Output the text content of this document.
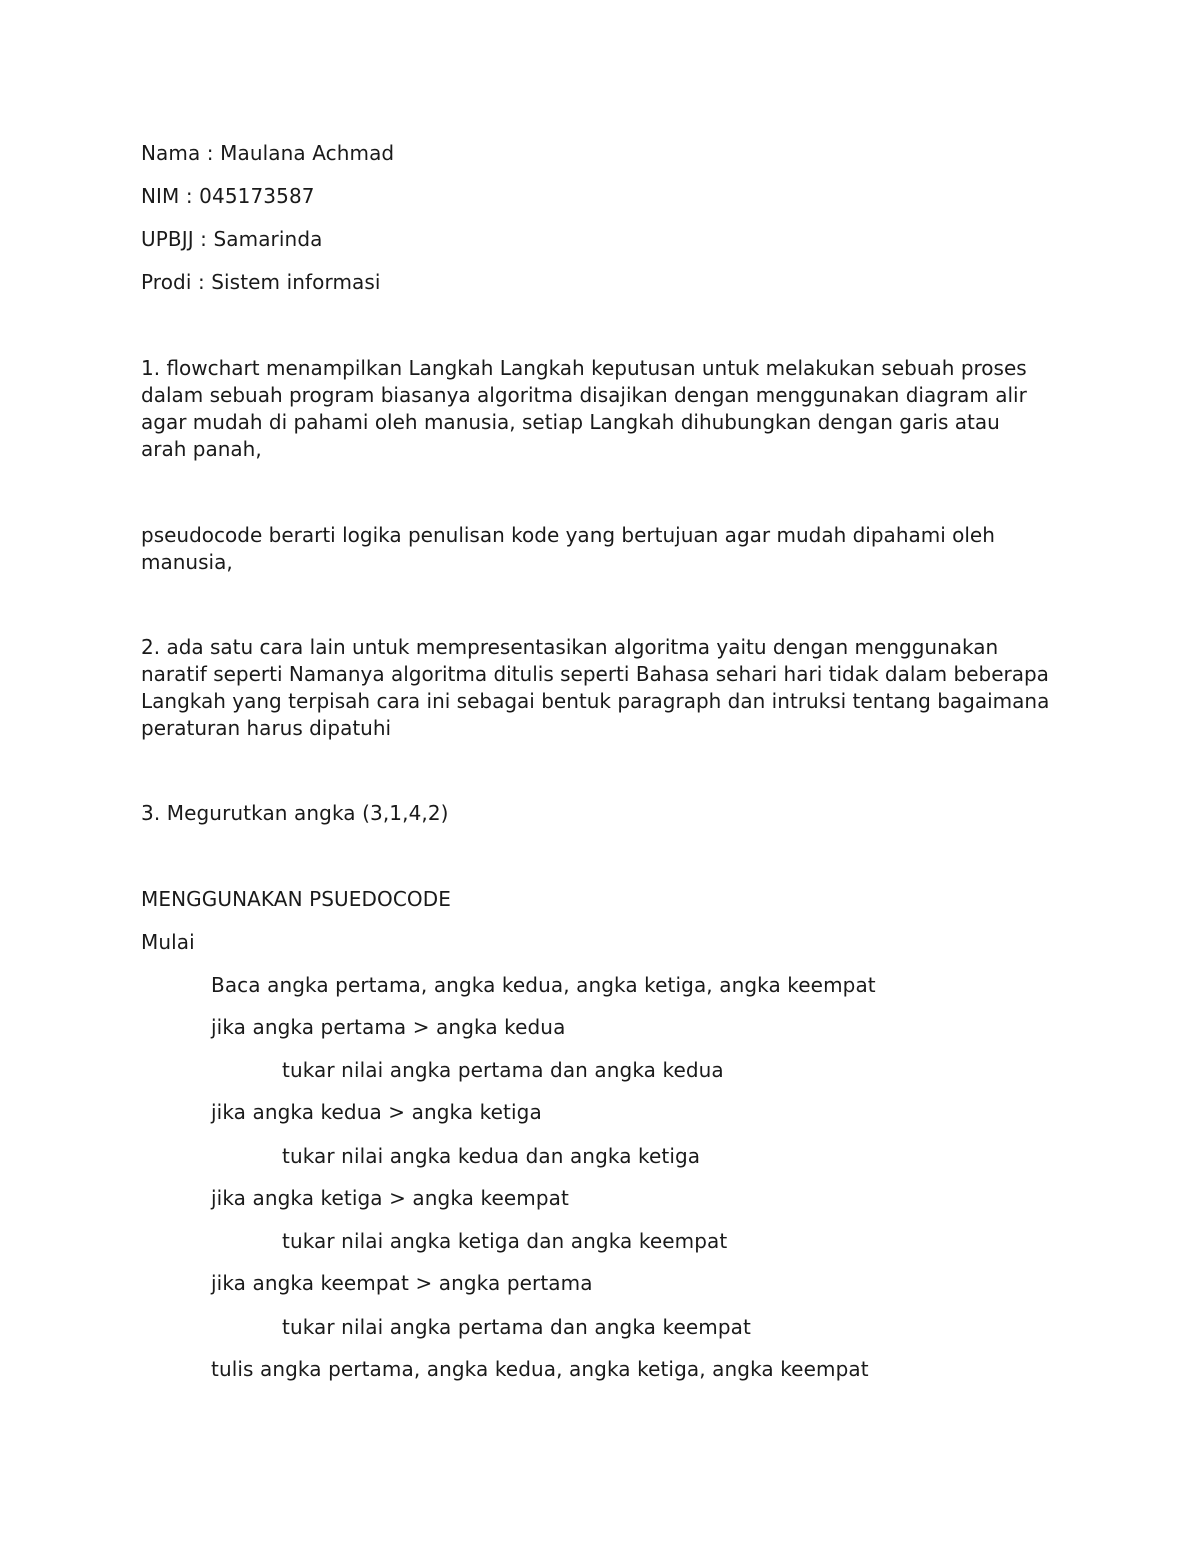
Nama : Maulana Achmad
NIM : 045173587
UPBJJ : Samarinda
Prodi : Sistem informasi
1. flowchart menampilkan Langkah Langkah keputusan untuk melakukan sebuah proses dalam sebuah program biasanya algoritma disajikan dengan menggunakan diagram alir agar mudah di pahami oleh manusia, setiap Langkah dihubungkan dengan garis atau arah panah,
pseudocode berarti logika penulisan kode yang bertujuan agar mudah dipahami oleh manusia,
2. ada satu cara lain untuk mempresentasikan algoritma yaitu dengan menggunakan naratif seperti Namanya algoritma ditulis seperti Bahasa sehari hari tidak dalam beberapa Langkah yang terpisah cara ini sebagai bentuk paragraph dan intruksi tentang bagaimana peraturan harus dipatuhi
3. Megurutkan angka (3,1,4,2)
MENGGUNAKAN PSUEDOCODE
Mulai
Baca angka pertama, angka kedua, angka ketiga, angka keempat
jika angka pertama > angka kedua
tukar nilai angka pertama dan angka kedua
jika angka kedua > angka ketiga
tukar nilai angka kedua dan angka ketiga
jika angka ketiga > angka keempat
tukar nilai angka ketiga dan angka keempat
jika angka keempat > angka pertama
tukar nilai angka pertama dan angka keempat
tulis angka pertama, angka kedua, angka ketiga, angka keempat
